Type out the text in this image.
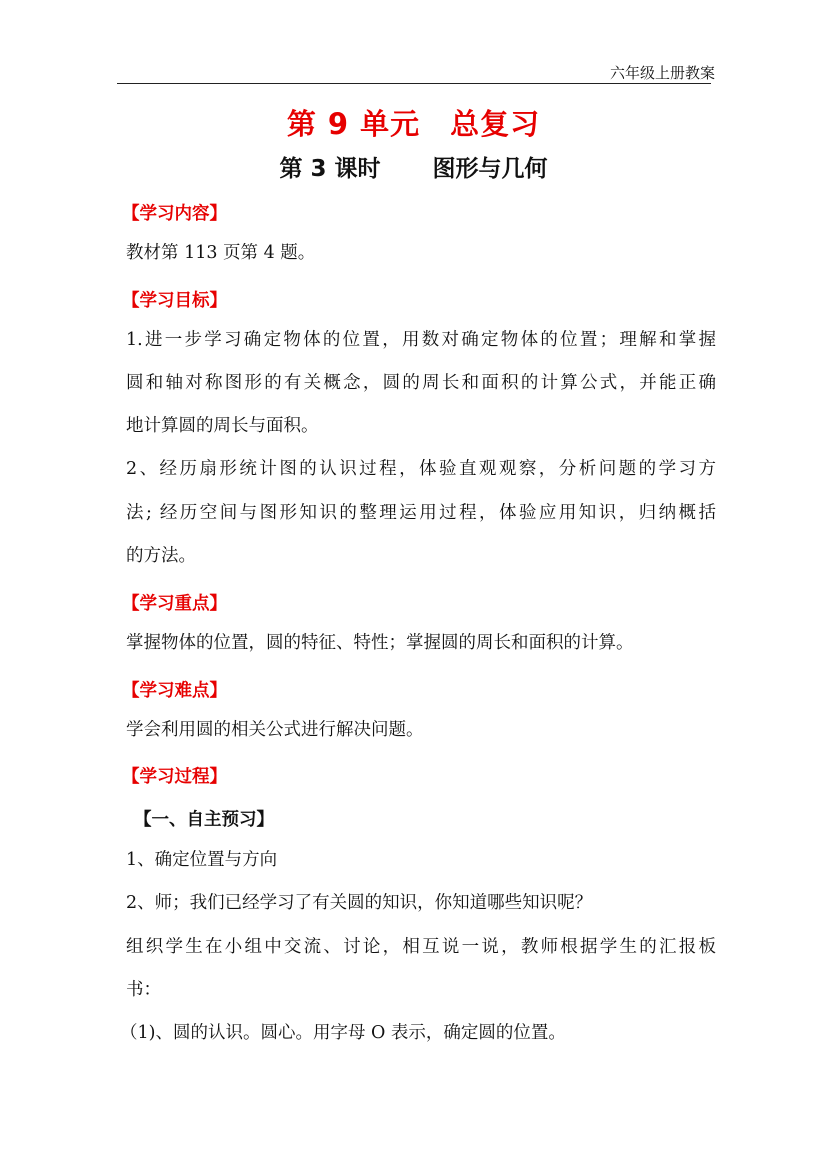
六年级上册教案
第 9 单元　总复习
第 3 课时 图形与几何
【学习内容】
教材第 113 页第 4 题。
【学习目标】
1.进一步学习确定物体的位置，用数对确定物体的位置；理解和掌握
圆和轴对称图形的有关概念，圆的周长和面积的计算公式，并能正确
地计算圆的周长与面积。
2、经历扇形统计图的认识过程，体验直观观察，分析问题的学习方
法; 经历空间与图形知识的整理运用过程，体验应用知识，归纳概括
的方法。
【学习重点】
掌握物体的位置，圆的特征、特性；掌握圆的周长和面积的计算。
【学习难点】
学会利用圆的相关公式进行解决问题。
【学习过程】
【一、自主预习】
1、确定位置与方向
2、师；我们已经学习了有关圆的知识，你知道哪些知识呢？
组织学生在小组中交流、讨论，相互说一说，教师根据学生的汇报板
书：
（1)、圆的认识。圆心。用字母 O 表示，确定圆的位置。
